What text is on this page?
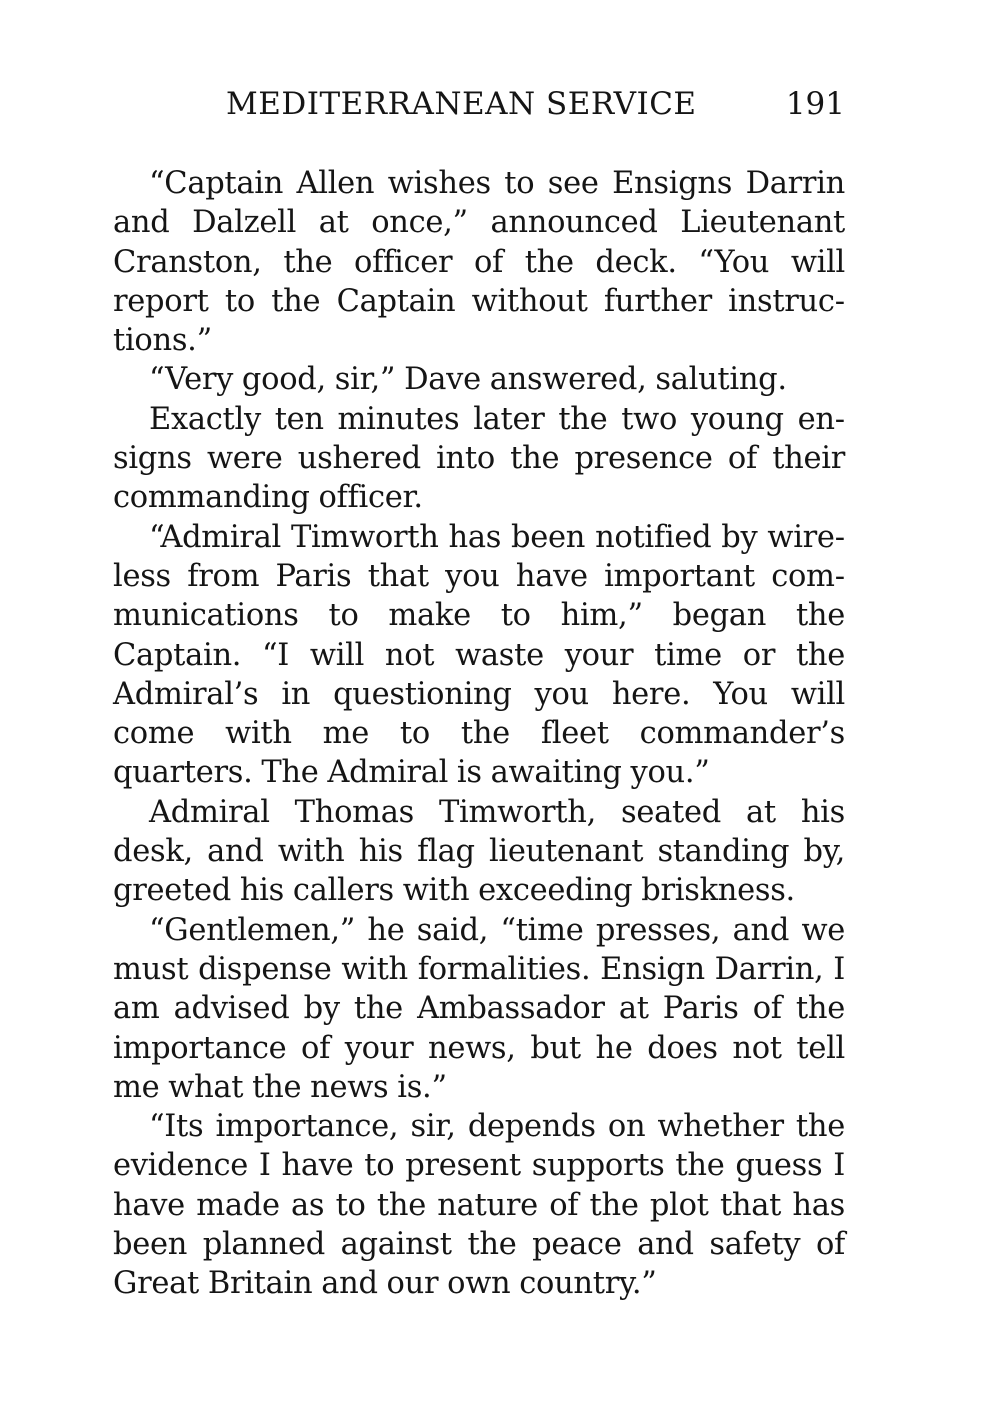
MEDITERRANEAN SERVICE	191

“Captain Allen wishes to see Ensigns Darrin and Dalzell at once,” announced Lieutenant Cranston, the officer of the deck. “You will report to the Captain without further instructions.”

“Very good, sir,” Dave answered, saluting.

Exactly ten minutes later the two young ensigns were ushered into the presence of their commanding officer.

“Admiral Timworth has been notified by wireless from Paris that you have important communications to make to him,” began the Captain. “I will not waste your time or the Admiral’s in questioning you here. You will come with me to the fleet commander’s quarters. The Admiral is awaiting you.”

Admiral Thomas Timworth, seated at his desk, and with his flag lieutenant standing by, greeted his callers with exceeding briskness.

“Gentlemen,” he said, “time presses, and we must dispense with formalities. Ensign Darrin, I am advised by the Ambassador at Paris of the importance of your news, but he does not tell me what the news is.”

“Its importance, sir, depends on whether the evidence I have to present supports the guess I have made as to the nature of the plot that has been planned against the peace and safety of Great Britain and our own country.”
